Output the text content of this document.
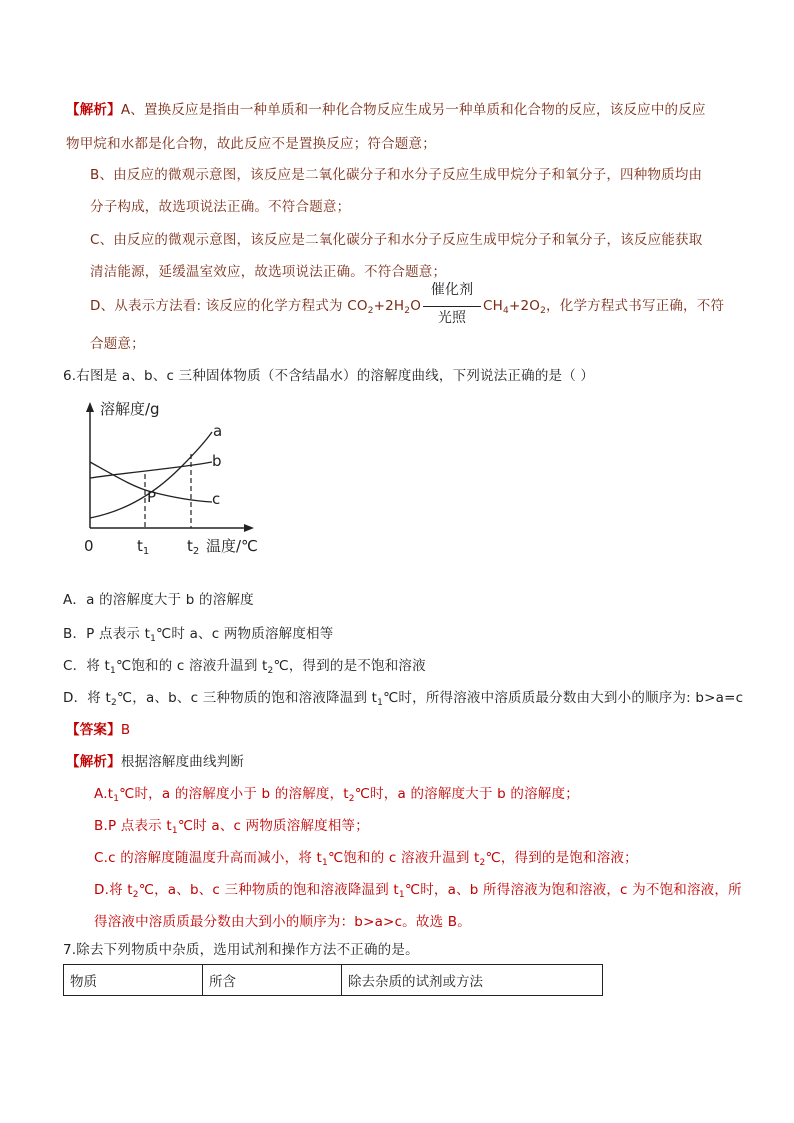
【解析】A、置换反应是指由一种单质和一种化合物反应生成另一种单质和化合物的反应，该反应中的反应
物甲烷和水都是化合物，故此反应不是置换反应；符合题意；
B、由反应的微观示意图，该反应是二氧化碳分子和水分子反应生成甲烷分子和氧分子，四种物质均由
分子构成，故选项说法正确。不符合题意；
C、由反应的微观示意图，该反应是二氧化碳分子和水分子反应生成甲烷分子和氧分子，该反应能获取
清洁能源，延缓温室效应，故选项说法正确。不符合题意；
D、从表示方法看: 该反应的化学方程式为 $CO_2+2H_2O \frac{\text{催化剂}}{\text{光照}} CH_4+2O_2$，化学方程式书写正确，不符
合题意；
6.右图是 a、b、c 三种固体物质（不含结晶水）的溶解度曲线，下列说法正确的是（ ）
溶解度/g
a
b
c
P
0	$t_1$	$t_2$ 温度/℃
A．a 的溶解度大于 b 的溶解度
B．P 点表示 $t_1℃$时 a、c 两物质溶解度相等
C．将 $t_1℃$饱和的 c 溶液升温到 $t_2℃$，得到的是不饱和溶液
D．将 $t_2℃$，a、b、c 三种物质的饱和溶液降温到 $t_1℃$时，所得溶液中溶质质最分数由大到小的顺序为: b>a=c
【答案】B
【解析】根据溶解度曲线判断
$A.t_1℃$时，a 的溶解度小于 b 的溶解度，$t_2℃$时，a 的溶解度大于 b 的溶解度；
B.P 点表示 $t_1℃$时 a、c 两物质溶解度相等；
C.c 的溶解度随温度升高而减小，将 $t_1℃$饱和的 c 溶液升温到 $t_2℃$，得到的是饱和溶液；
D.将 $t_2℃$，a、b、c 三种物质的饱和溶液降温到 $t_1℃$时，a、b 所得溶液为饱和溶液，c 为不饱和溶液，所
得溶液中溶质质最分数由大到小的顺序为：b>a>c。故选 B。
7.除去下列物质中杂质，选用试剂和操作方法不正确的是。
物质	所含	除去杂质的试剂或方法
